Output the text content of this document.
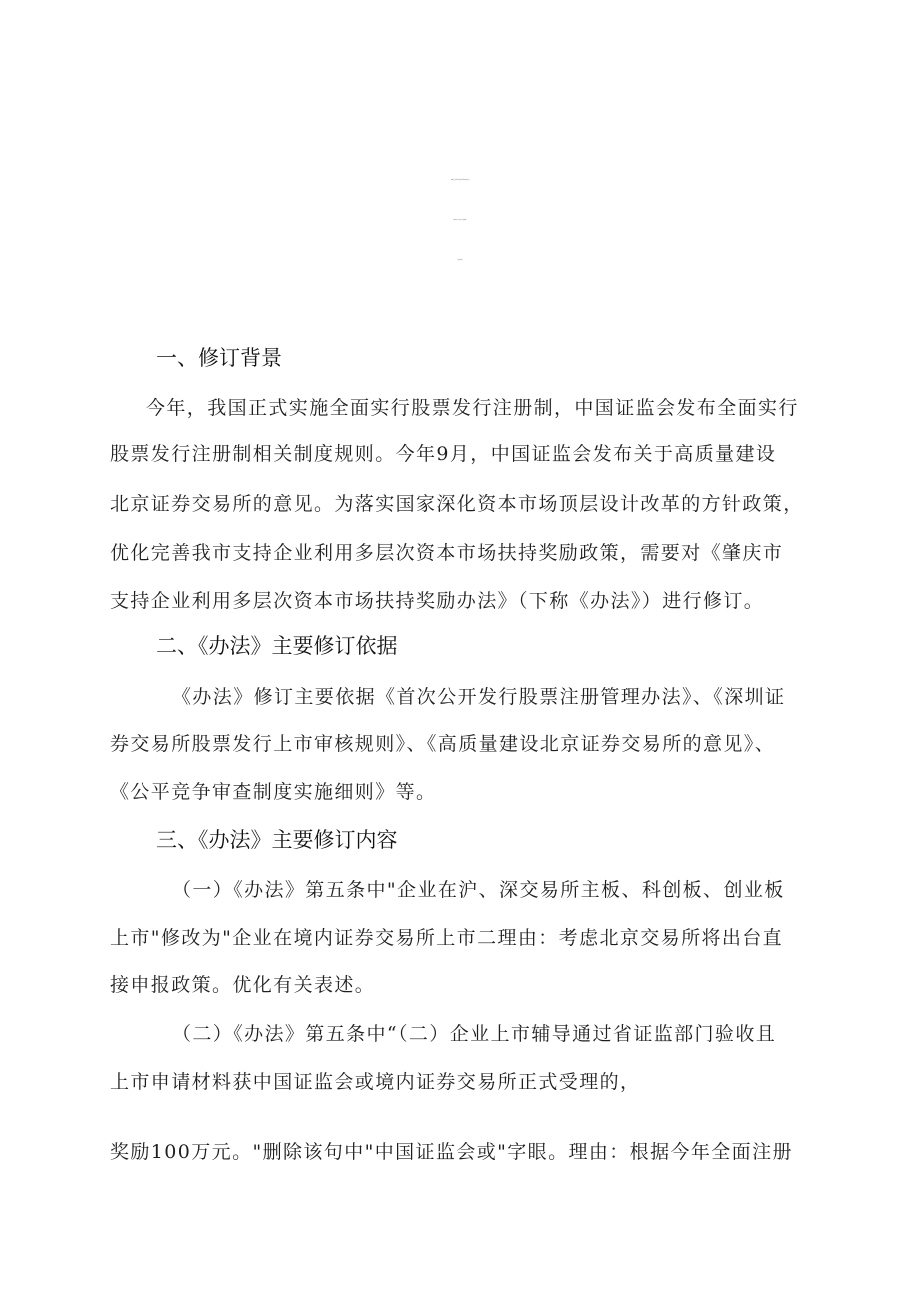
《肇庆市支持企业利用多层次资本市场扶持
奖励办法》（修订征求意见稿）
的起草说明
一、修订背景
今年，我国正式实施全面实行股票发行注册制，中国证监会发布全面实行
股票发行注册制相关制度规则。今年9月，中国证监会发布关于高质量建设
北京证券交易所的意见。为落实国家深化资本市场顶层设计改革的方针政策，
优化完善我市支持企业利用多层次资本市场扶持奖励政策，需要对《肇庆市
支持企业利用多层次资本市场扶持奖励办法》（下称《办法》）进行修订。
二、《办法》主要修订依据
《办法》修订主要依据《首次公开发行股票注册管理办法》、《深圳证
券交易所股票发行上市审核规则》、《高质量建设北京证券交易所的意见》、
《公平竞争审查制度实施细则》等。
三、《办法》主要修订内容
（一）《办法》第五条中"企业在沪、深交易所主板、科创板、创业板
上市"修改为"企业在境内证券交易所上市二理由：考虑北京交易所将出台直
接申报政策。优化有关表述。
（二）《办法》第五条中“（二）企业上市辅导通过省证监部门验收且
上市申请材料获中国证监会或境内证券交易所正式受理的，
奖励100万元。"删除该句中"中国证监会或"字眼。理由：根据今年全面注册
